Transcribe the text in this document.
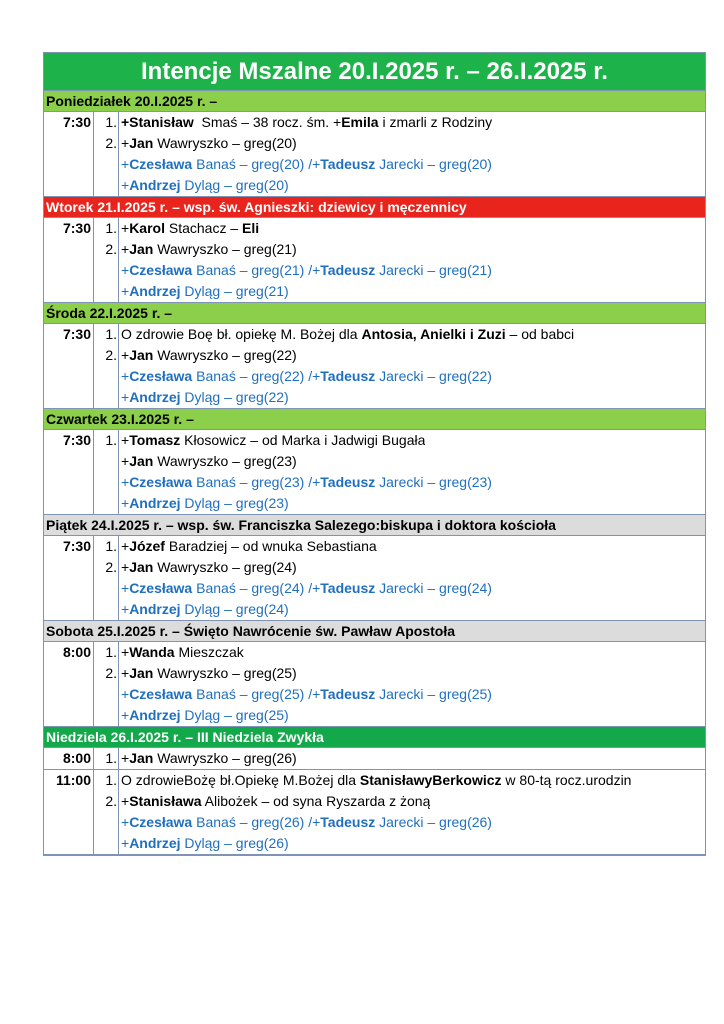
Intencje Mszalne 20.I.2025 r. – 26.I.2025 r.
Poniedziałek 20.I.2025 r. –
7:30	1. +Stanisław  Smaś – 38 rocz. śm. +Emila i zmarli z Rodziny
2. +Jan Wawryszko – greg(20)
+Czesława Banaś – greg(20) /+Tadeusz Jarecki – greg(20)
+Andrzej Dyląg – greg(20)
Wtorek 21.I.2025 r. – wsp. św. Agnieszki: dziewicy i męczennicy
7:30	1. +Karol Stachacz – Eli
2. +Jan Wawryszko – greg(21)
+Czesława Banaś – greg(21) /+Tadeusz Jarecki – greg(21)
+Andrzej Dyląg – greg(21)
Środa 22.I.2025 r. –
7:30	1. O zdrowie Boę bł. opiekę M. Bożej dla Antosia, Anielki i Zuzi – od babci
2. +Jan Wawryszko – greg(22)
+Czesława Banaś – greg(22) /+Tadeusz Jarecki – greg(22)
+Andrzej Dyląg – greg(22)
Czwartek 23.I.2025 r. –
7:30	1. +Tomasz Kłosowicz – od Marka i Jadwigi Bugała
+Jan Wawryszko – greg(23)
+Czesława Banaś – greg(23) /+Tadeusz Jarecki – greg(23)
+Andrzej Dyląg – greg(23)
Piątek 24.I.2025 r. – wsp. św. Franciszka Salezego:biskupa i doktora kościoła
7:30	1. +Józef Baradziej – od wnuka Sebastiana
2. +Jan Wawryszko – greg(24)
+Czesława Banaś – greg(24) /+Tadeusz Jarecki – greg(24)
+Andrzej Dyląg – greg(24)
Sobota 25.I.2025 r. – Święto Nawrócenie św. Pawław Apostoła
8:00	1. +Wanda Mieszczak
2. +Jan Wawryszko – greg(25)
+Czesława Banaś – greg(25) /+Tadeusz Jarecki – greg(25)
+Andrzej Dyląg – greg(25)
Niedziela 26.I.2025 r. – III Niedziela Zwykła
8:00	1. +Jan Wawryszko – greg(26)
11:00	1. O zdrowieBożę bł.Opiekę M.Bożej dla StanisławyBerkowicz w 80-tą rocz.urodzin
2. +Stanisława Alibożek – od syna Ryszarda z żoną
+Czesława Banaś – greg(26) /+Tadeusz Jarecki – greg(26)
+Andrzej Dyląg – greg(26)
